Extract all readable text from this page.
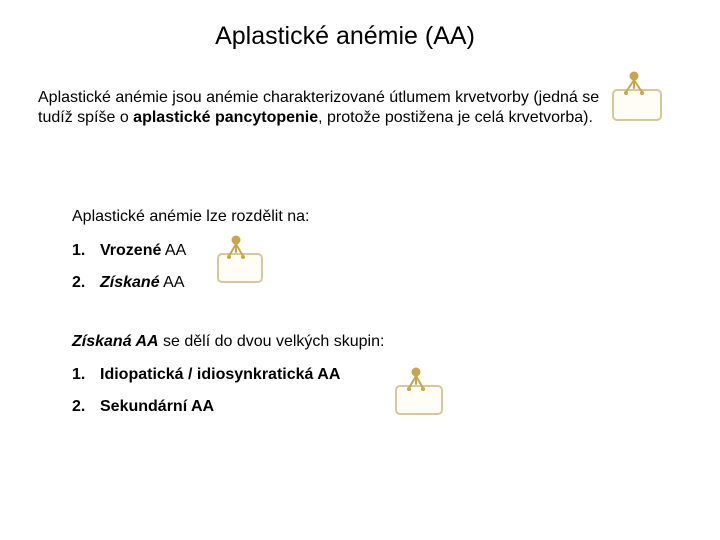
Aplastické anémie (AA)
Aplastické anémie jsou anémie charakterizované útlumem krvetvorby (jedná se tudíž spíše o aplastické pancytopenie, protože postižena je celá krvetvorba).
Aplastické anémie lze rozdělit na:
1. Vrozené AA
2. Získané AA
Získaná AA se dělí do dvou velkých skupin:
1. Idiopatická / idiosynkratická AA
2. Sekundární AA
